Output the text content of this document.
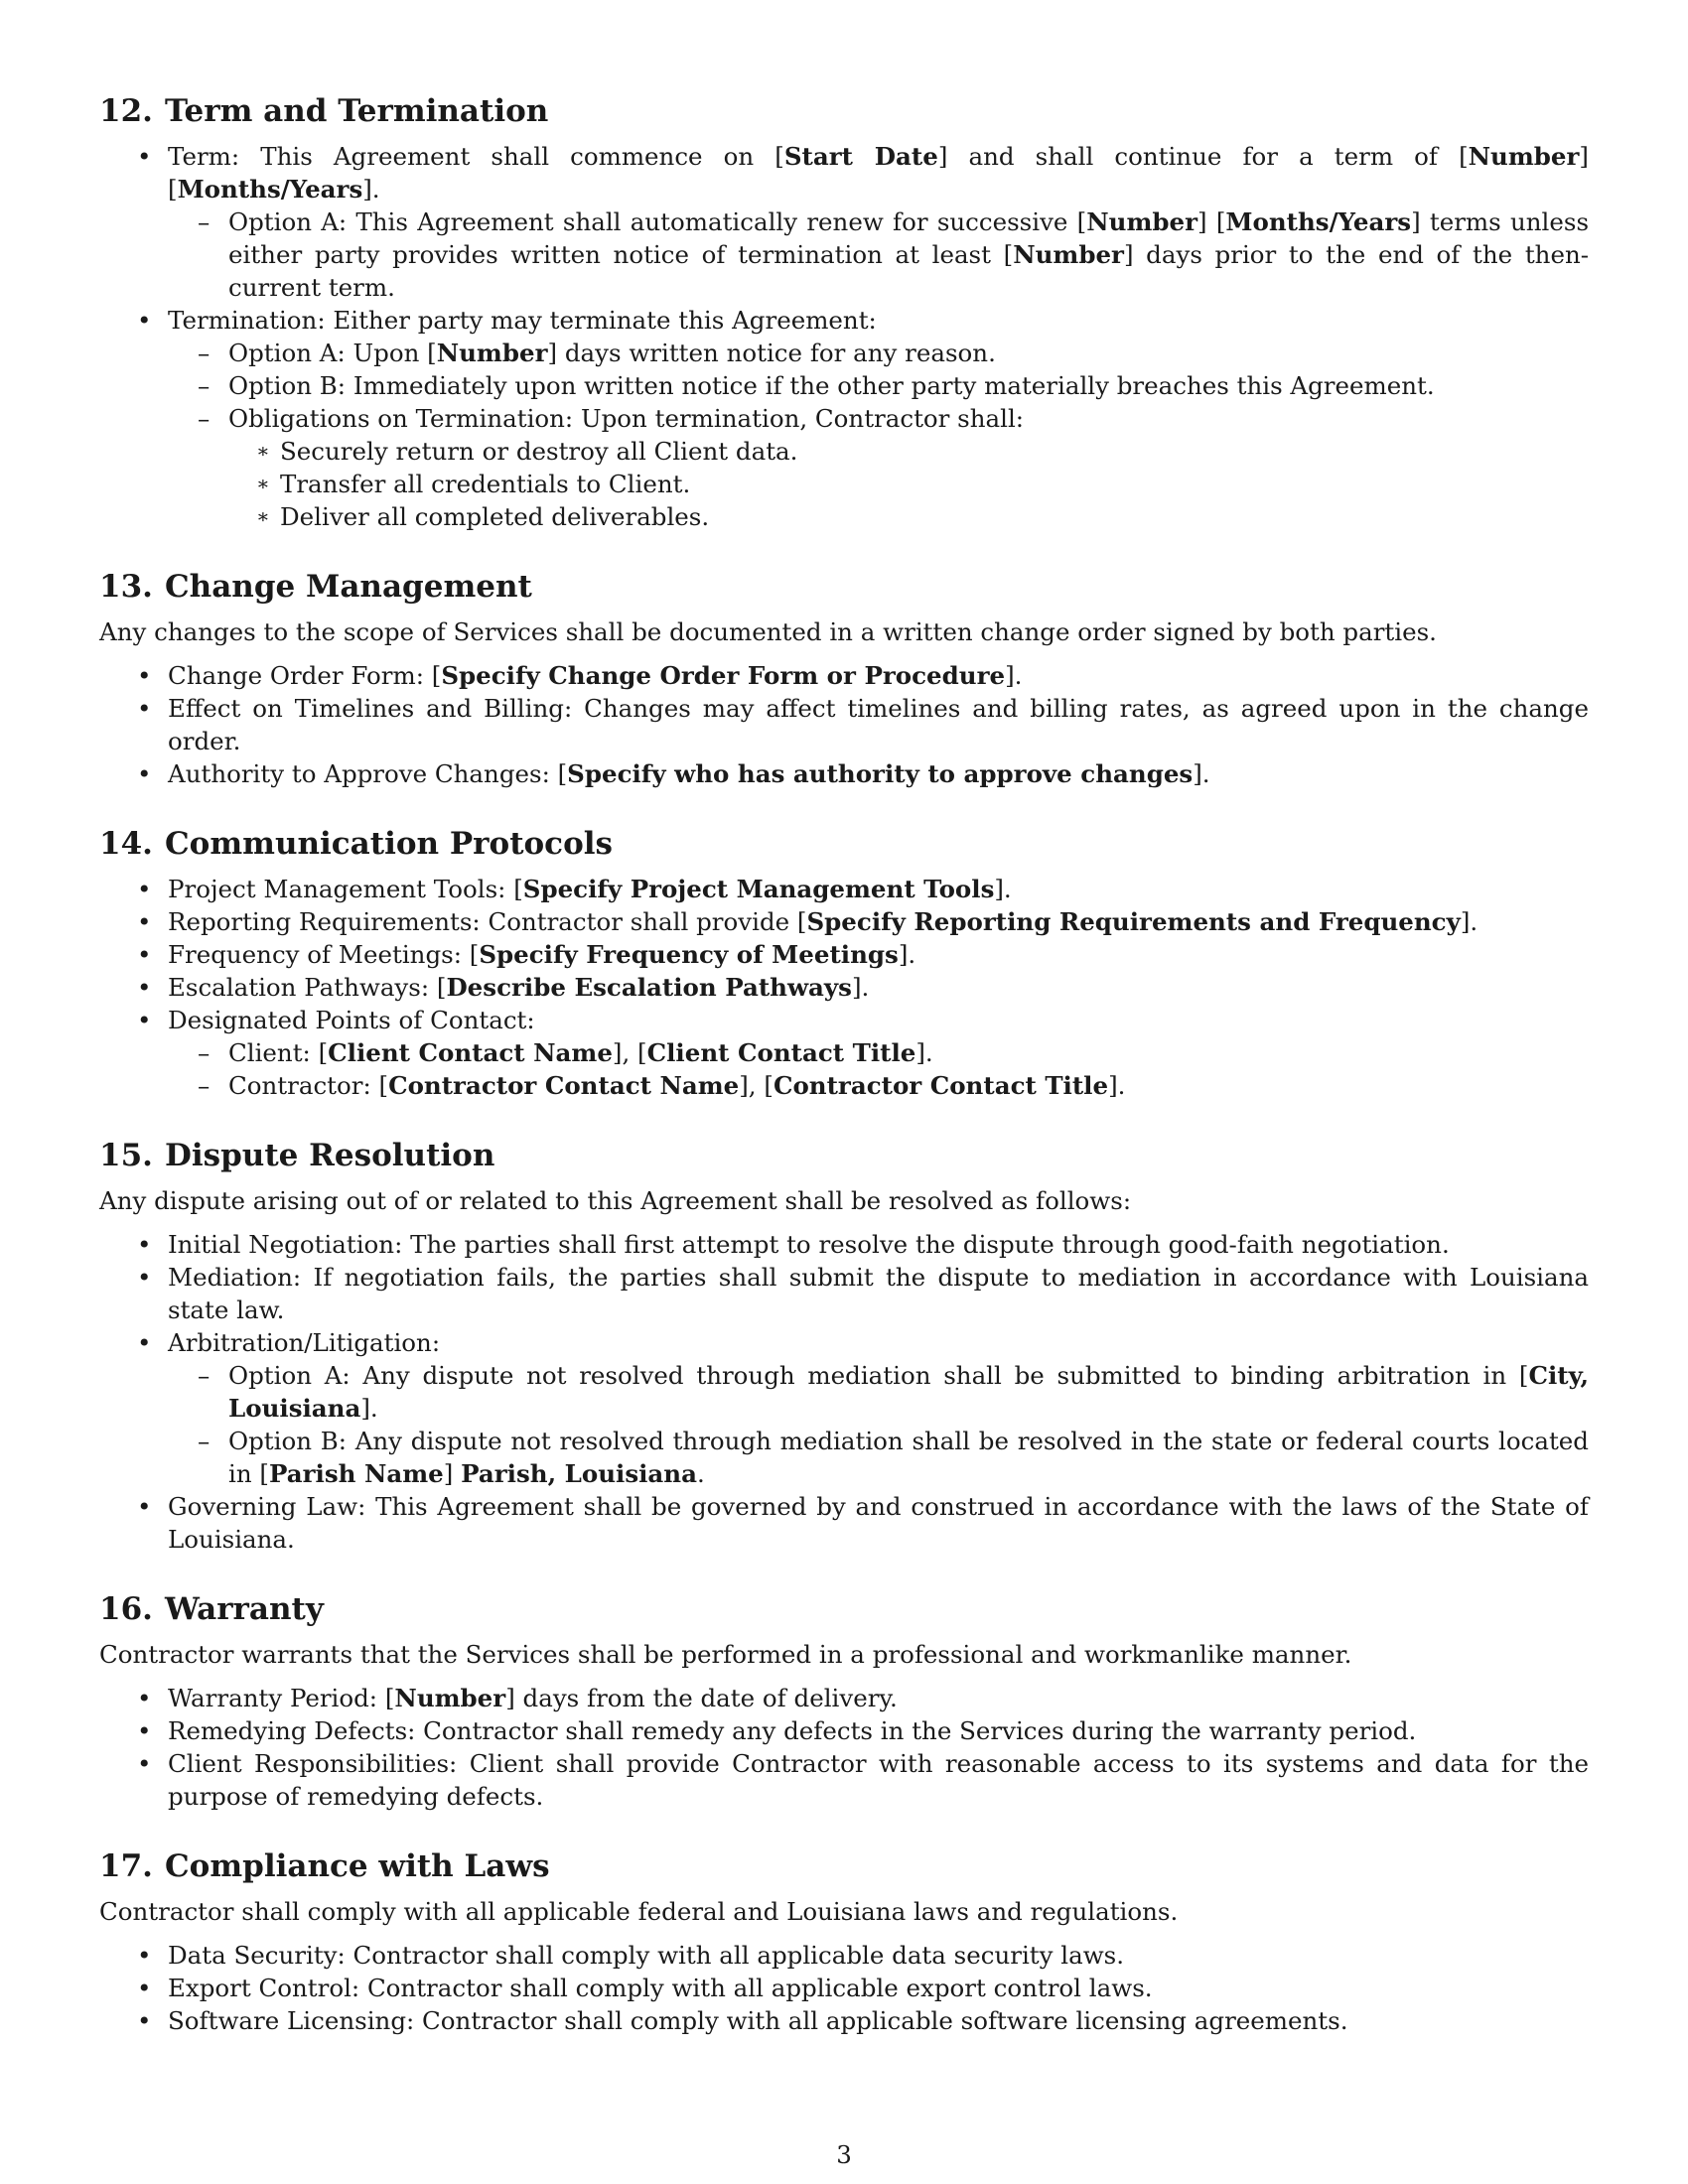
12. Term and Termination
• Term: This Agreement shall commence on [Start Date] and shall continue for a term of [Number] [Months/Years].
– Option A: This Agreement shall automatically renew for successive [Number] [Months/Years] terms unless either party provides written notice of termination at least [Number] days prior to the end of the then-current term.
• Termination: Either party may terminate this Agreement:
– Option A: Upon [Number] days written notice for any reason.
– Option B: Immediately upon written notice if the other party materially breaches this Agreement.
– Obligations on Termination: Upon termination, Contractor shall:
∗ Securely return or destroy all Client data.
∗ Transfer all credentials to Client.
∗ Deliver all completed deliverables.
13. Change Management

Any changes to the scope of Services shall be documented in a written change order signed by both parties.

• Change Order Form: [Specify Change Order Form or Procedure].
• Effect on Timelines and Billing: Changes may affect timelines and billing rates, as agreed upon in the change order.
• Authority to Approve Changes: [Specify who has authority to approve changes].
14. Communication Protocols
• Project Management Tools: [Specify Project Management Tools].
• Reporting Requirements: Contractor shall provide [Specify Reporting Requirements and Frequency].
• Frequency of Meetings: [Specify Frequency of Meetings].
• Escalation Pathways: [Describe Escalation Pathways].
• Designated Points of Contact:
– Client: [Client Contact Name], [Client Contact Title].
– Contractor: [Contractor Contact Name], [Contractor Contact Title].
15. Dispute Resolution

Any dispute arising out of or related to this Agreement shall be resolved as follows:

• Initial Negotiation: The parties shall first attempt to resolve the dispute through good-faith negotiation.
• Mediation: If negotiation fails, the parties shall submit the dispute to mediation in accordance with Louisiana state law.
• Arbitration/Litigation:
– Option A: Any dispute not resolved through mediation shall be submitted to binding arbitration in [City, Louisiana].
– Option B: Any dispute not resolved through mediation shall be resolved in the state or federal courts located in [Parish Name] Parish, Louisiana.
• Governing Law: This Agreement shall be governed by and construed in accordance with the laws of the State of Louisiana.
16. Warranty

Contractor warrants that the Services shall be performed in a professional and workmanlike manner.

• Warranty Period: [Number] days from the date of delivery.
• Remedying Defects: Contractor shall remedy any defects in the Services during the warranty period.
• Client Responsibilities: Client shall provide Contractor with reasonable access to its systems and data for the purpose of remedying defects.
17. Compliance with Laws

Contractor shall comply with all applicable federal and Louisiana laws and regulations.

• Data Security: Contractor shall comply with all applicable data security laws.
• Export Control: Contractor shall comply with all applicable export control laws.
• Software Licensing: Contractor shall comply with all applicable software licensing agreements.
3
